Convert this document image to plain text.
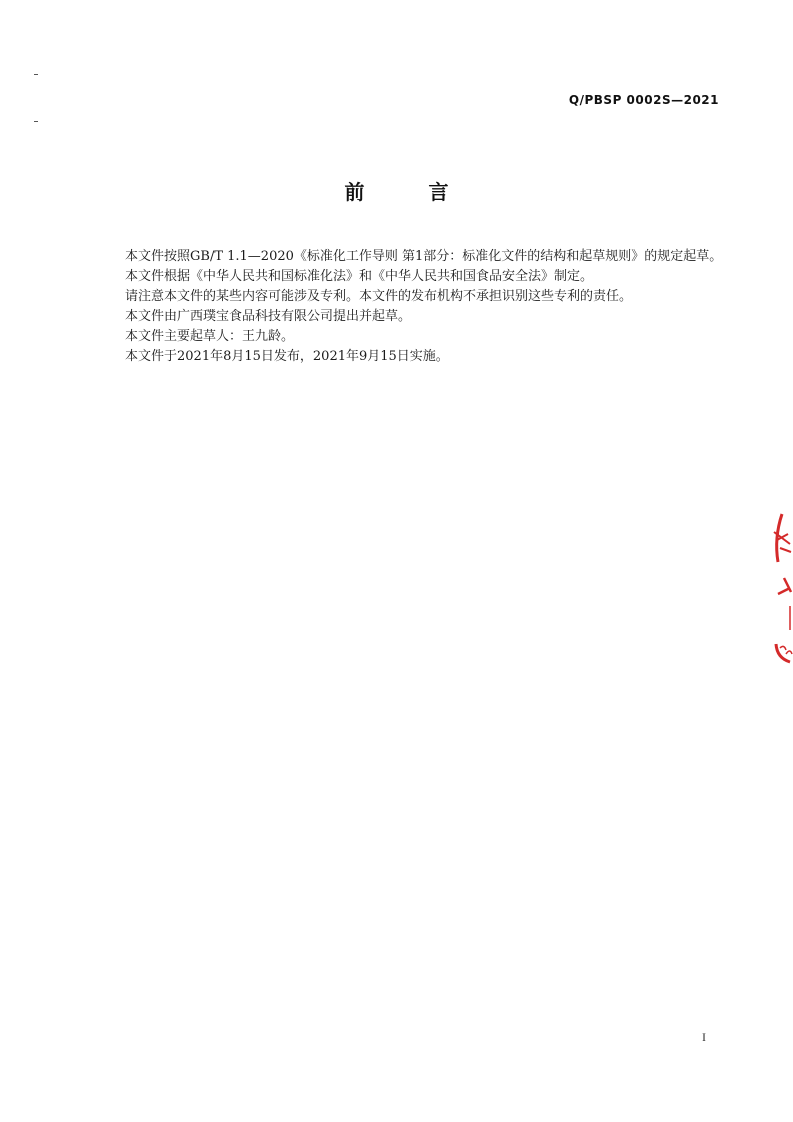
Q/PBSP 0002S—2021
前　言

本文件按照GB/T 1.1—2020《标准化工作导则 第1部分：标准化文件的结构和起草规则》的规定起草。

本文件根据《中华人民共和国标准化法》和《中华人民共和国食品安全法》制定。

请注意本文件的某些内容可能涉及专利。本文件的发布机构不承担识别这些专利的责任。

本文件由广西璞宝食品科技有限公司提出并起草。

本文件主要起草人：王九龄。

本文件于2021年8月15日发布，2021年9月15日实施。

I
